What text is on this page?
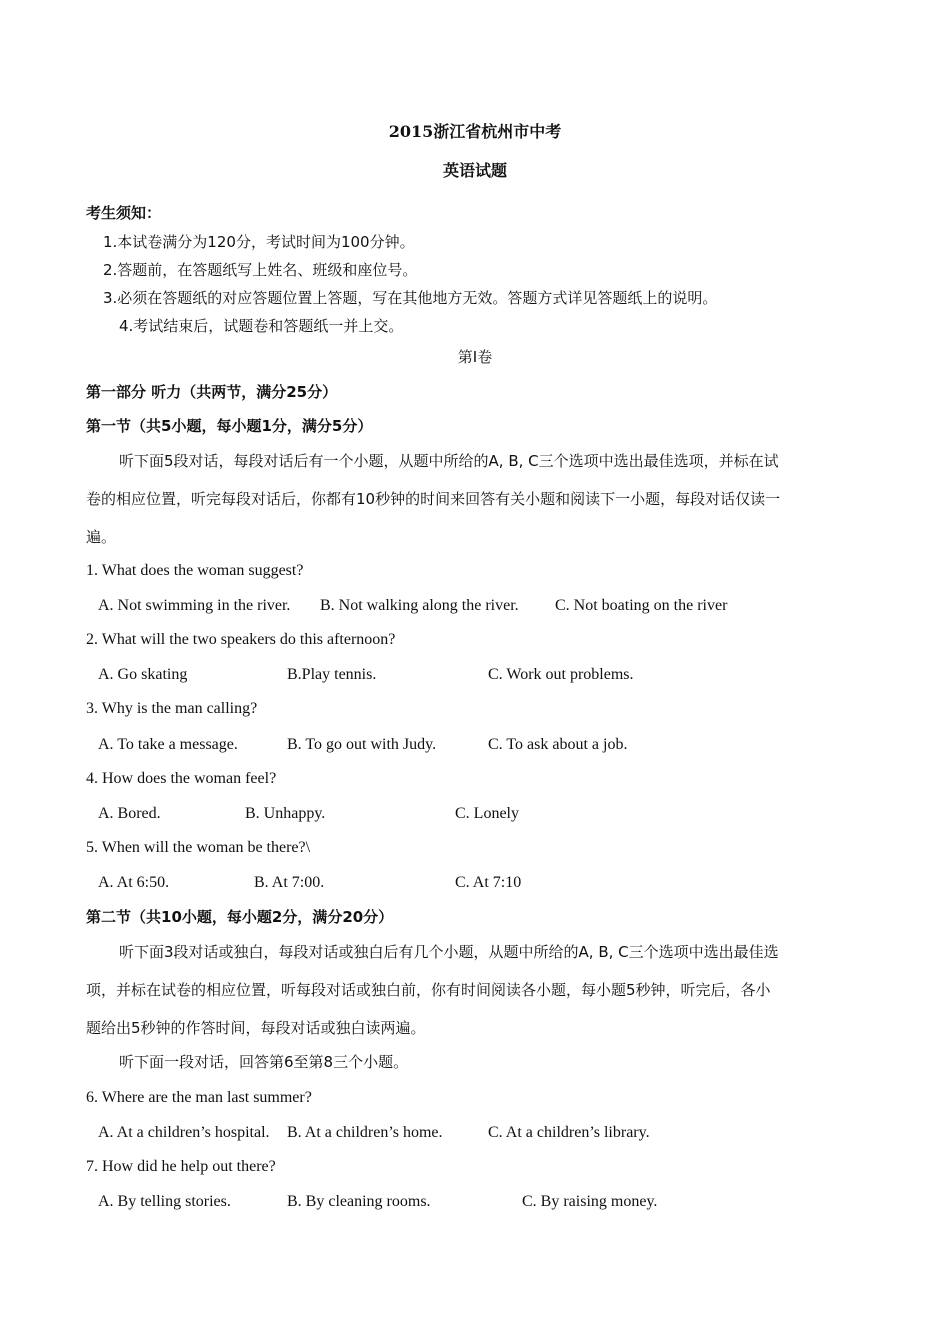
2015浙江省杭州市中考
英语试题
考生须知：
1.本试卷满分为120分，考试时间为100分钟。
2.答题前，在答题纸写上姓名、班级和座位号。
3.必须在答题纸的对应答题位置上答题，写在其他地方无效。答题方式详见答题纸上的说明。
4.考试结束后，试题卷和答题纸一并上交。
第I卷
第一部分 听力（共两节，满分25分）
第一节（共5小题，每小题1分，满分5分）
听下面5段对话，每段对话后有一个小题，从题中所给的A, B, C三个选项中选出最佳选项，并标在试
卷的相应位置，听完每段对话后，你都有10秒钟的时间来回答有关小题和阅读下一小题，每段对话仅读一
遍。
1. What does the woman suggest?
A. Not swimming in the river. B. Not walking along the river. C. Not boating on the river
2. What will the two speakers do this afternoon?
A. Go skating	B.Play tennis.	C. Work out problems.
3. Why is the man calling?
A. To take a message.	B. To go out with Judy.	C. To ask about a job.
4. How does the woman feel?
A. Bored.	B. Unhappy.	C. Lonely
5. When will the woman be there?\
A. At 6:50.	B. At 7:00.	C. At 7:10
第二节（共10小题，每小题2分，满分20分）
听下面3段对话或独白，每段对话或独白后有几个小题，从题中所给的A, B, C三个选项中选出最佳选
项，并标在试卷的相应位置，听每段对话或独白前，你有时间阅读各小题，每小题5秒钟，听完后，各小
题给出5秒钟的作答时间，每段对话或独白读两遍。
听下面一段对话，回答第6至第8三个小题。
6. Where are the man last summer?
A. At a children’s hospital. B. At a children’s home.	C. At a children’s library.
7. How did he help out there?
A. By telling stories.	B. By cleaning rooms.	C. By raising money.
